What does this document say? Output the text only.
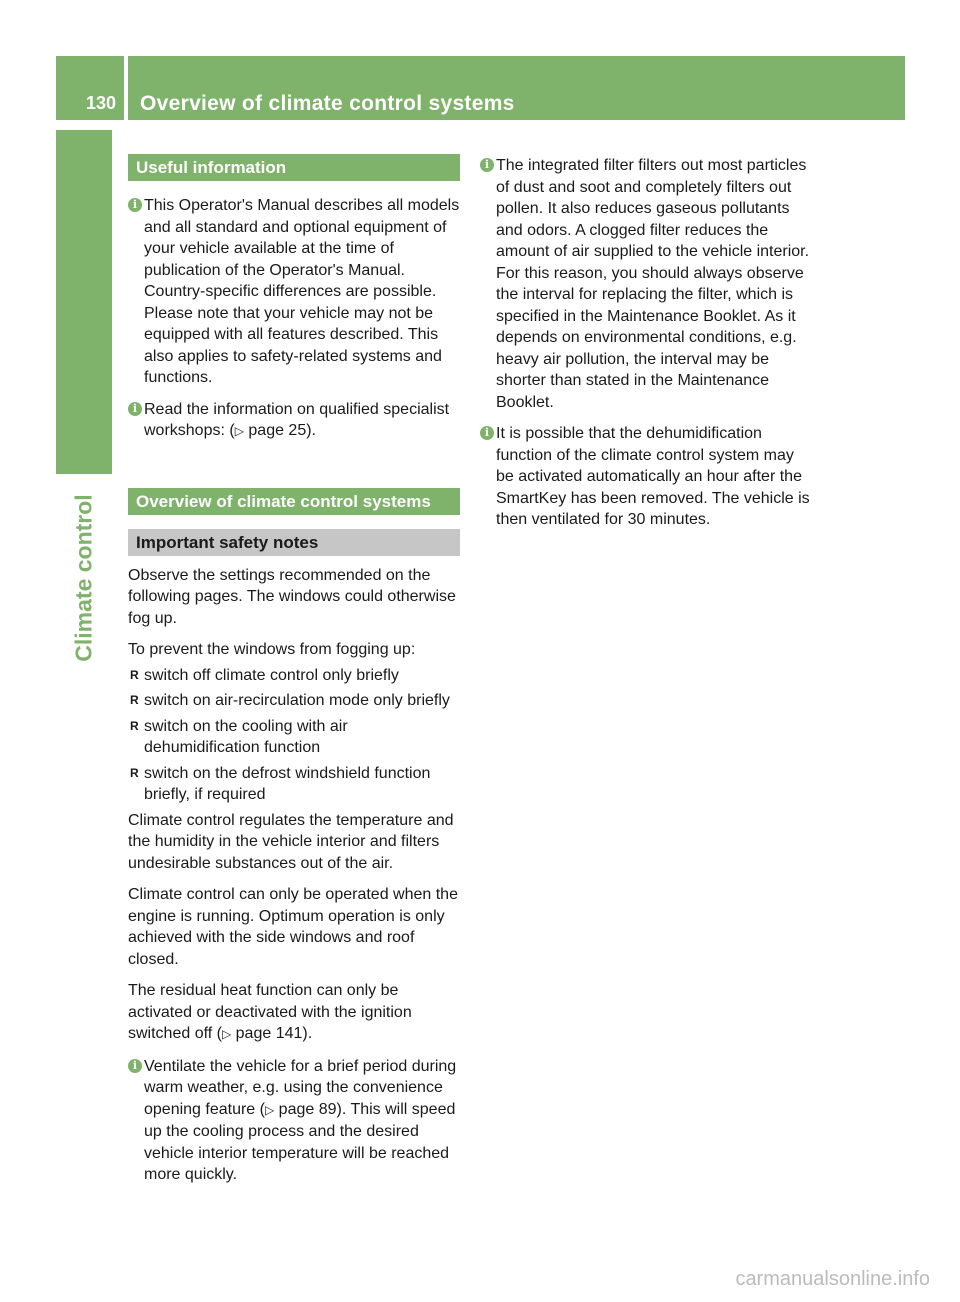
130 Overview of climate control systems
Climate control
Useful information
i This Operator's Manual describes all models and all standard and optional equipment of your vehicle available at the time of publication of the Operator's Manual. Country-specific differences are possible. Please note that your vehicle may not be equipped with all features described. This also applies to safety-related systems and functions.
i Read the information on qualified specialist workshops: (▷ page 25).
Overview of climate control systems
Important safety notes

Observe the settings recommended on the following pages. The windows could otherwise fog up.

To prevent the windows from fogging up:

R switch off climate control only briefly
R switch on air-recirculation mode only briefly
R switch on the cooling with air dehumidification function
R switch on the defrost windshield function briefly, if required

Climate control regulates the temperature and the humidity in the vehicle interior and filters undesirable substances out of the air.

Climate control can only be operated when the engine is running. Optimum operation is only achieved with the side windows and roof closed.

The residual heat function can only be activated or deactivated with the ignition switched off (▷ page 141).

i Ventilate the vehicle for a brief period during warm weather, e.g. using the convenience opening feature (▷ page 89). This will speed up the cooling process and the desired vehicle interior temperature will be reached more quickly.
i The integrated filter filters out most particles of dust and soot and completely filters out pollen. It also reduces gaseous pollutants and odors. A clogged filter reduces the amount of air supplied to the vehicle interior. For this reason, you should always observe the interval for replacing the filter, which is specified in the Maintenance Booklet. As it depends on environmental conditions, e.g. heavy air pollution, the interval may be shorter than stated in the Maintenance Booklet.
i It is possible that the dehumidification function of the climate control system may be activated automatically an hour after the SmartKey has been removed. The vehicle is then ventilated for 30 minutes.
carmanualsonline.info
